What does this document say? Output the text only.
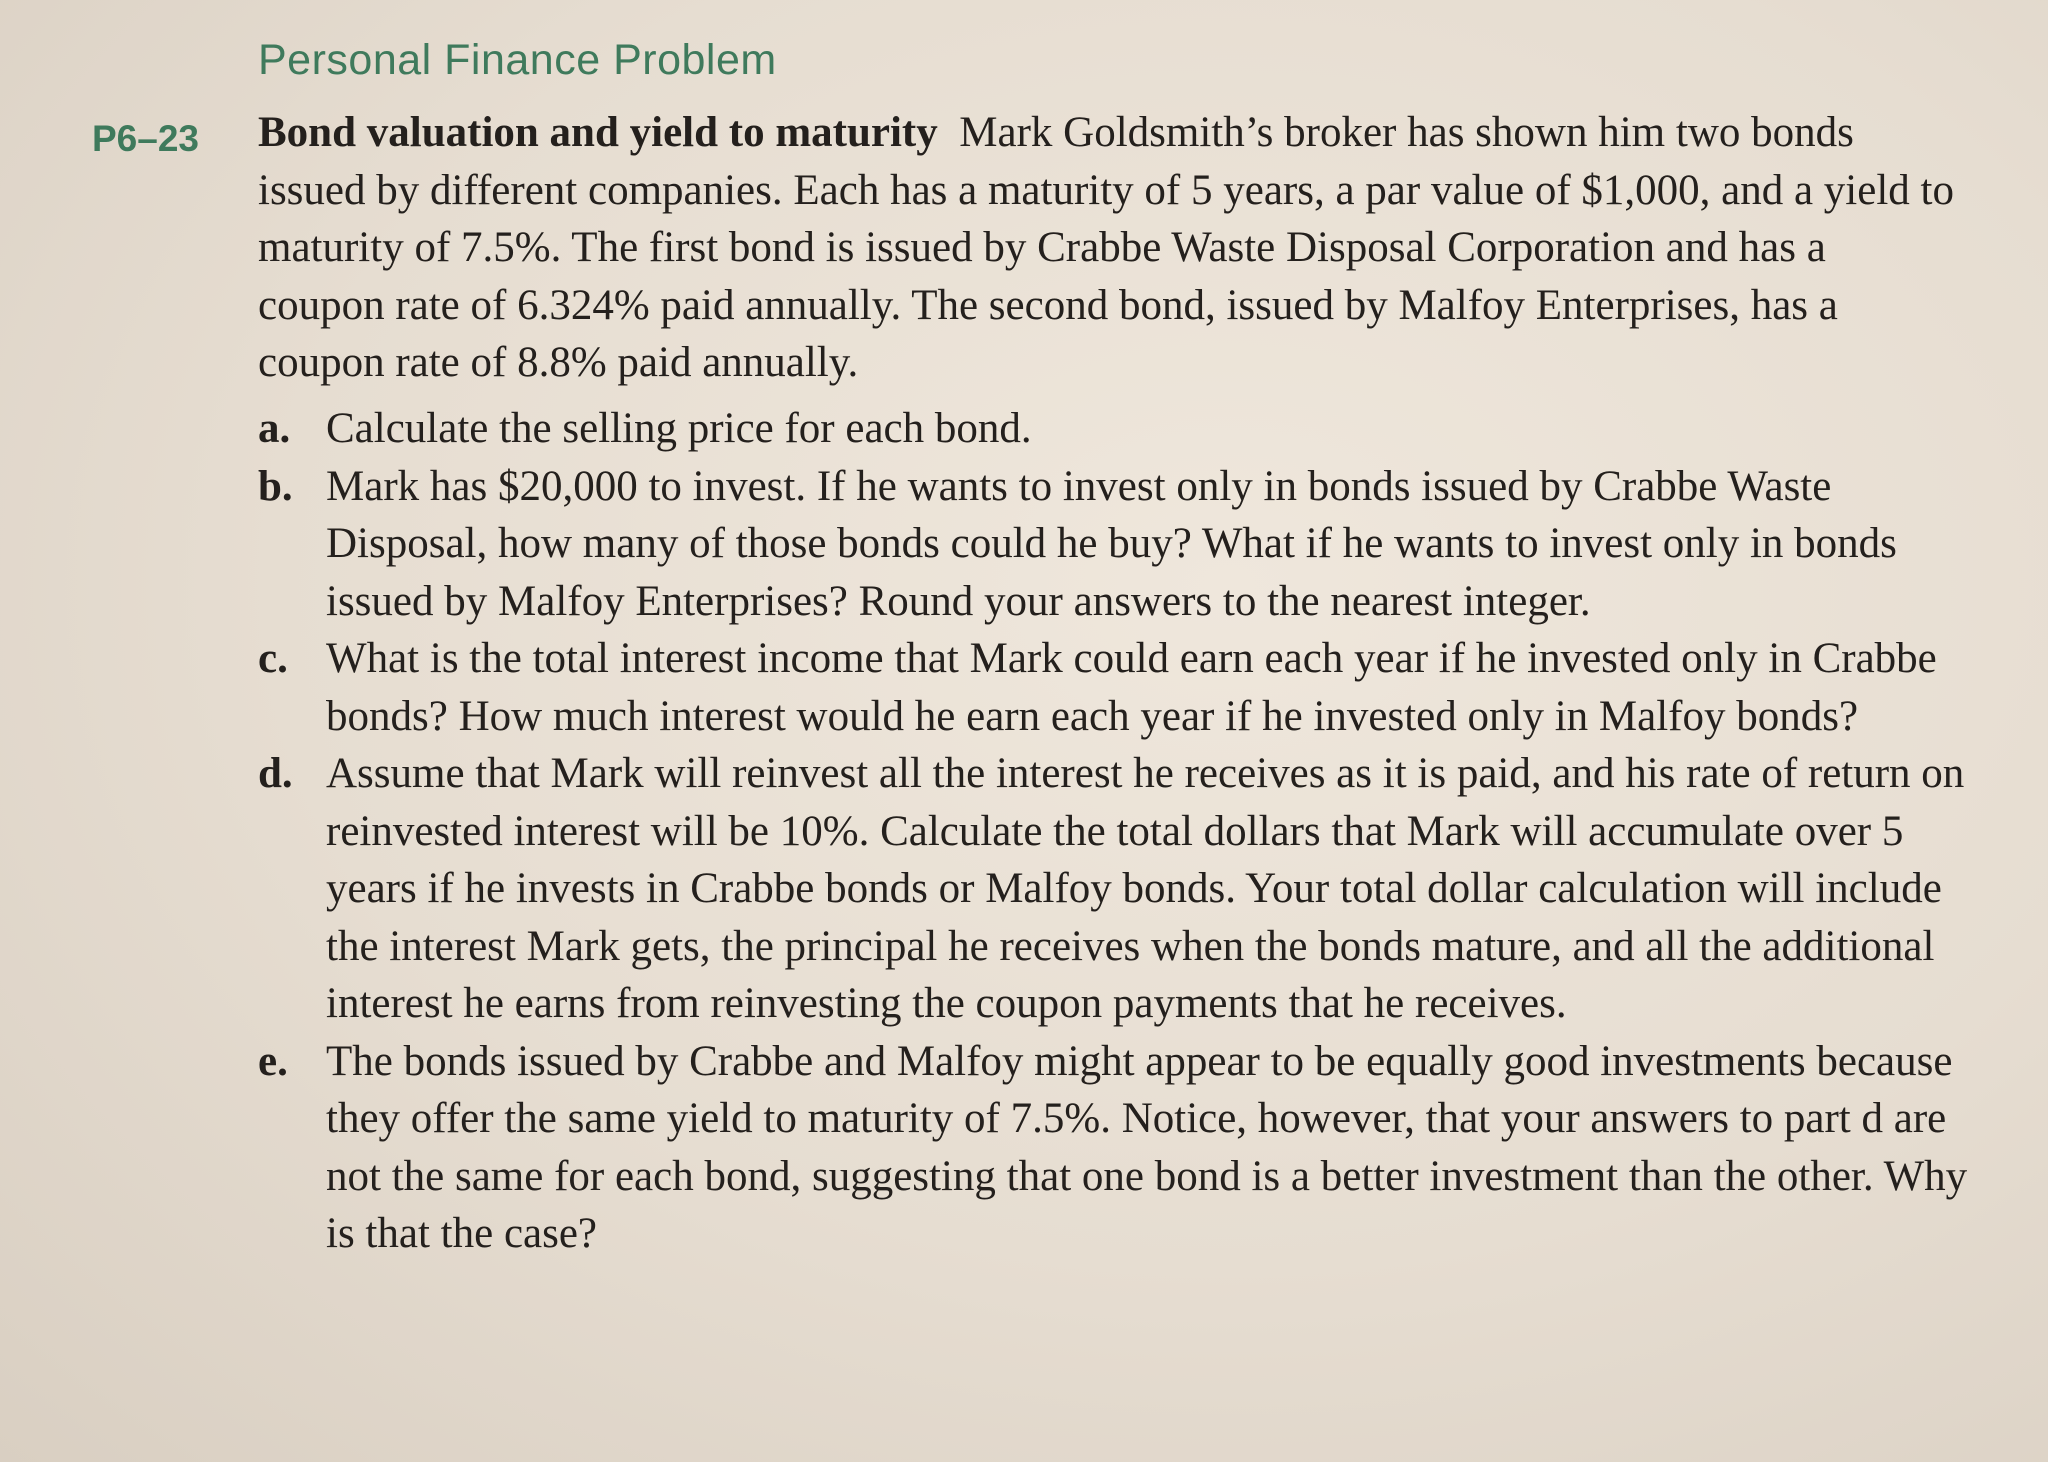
Personal Finance Problem
P6–23 Bond valuation and yield to maturity Mark Goldsmith’s broker has shown him two bonds issued by different companies. Each has a maturity of 5 years, a par value of $1,000, and a yield to maturity of 7.5%. The first bond is issued by Crabbe Waste Disposal Corporation and has a coupon rate of 6.324% paid annually. The second bond, issued by Malfoy Enterprises, has a coupon rate of 8.8% paid annually.
a. Calculate the selling price for each bond.
b. Mark has $20,000 to invest. If he wants to invest only in bonds issued by Crabbe Waste Disposal, how many of those bonds could he buy? What if he wants to invest only in bonds issued by Malfoy Enterprises? Round your answers to the nearest integer.
c. What is the total interest income that Mark could earn each year if he invested only in Crabbe bonds? How much interest would he earn each year if he invested only in Malfoy bonds?
d. Assume that Mark will reinvest all the interest he receives as it is paid, and his rate of return on reinvested interest will be 10%. Calculate the total dollars that Mark will accumulate over 5 years if he invests in Crabbe bonds or Malfoy bonds. Your total dollar calculation will include the interest Mark gets, the principal he receives when the bonds mature, and all the additional interest he earns from reinvesting the coupon payments that he receives.
e. The bonds issued by Crabbe and Malfoy might appear to be equally good investments because they offer the same yield to maturity of 7.5%. Notice, however, that your answers to part d are not the same for each bond, suggesting that one bond is a better investment than the other. Why is that the case?
